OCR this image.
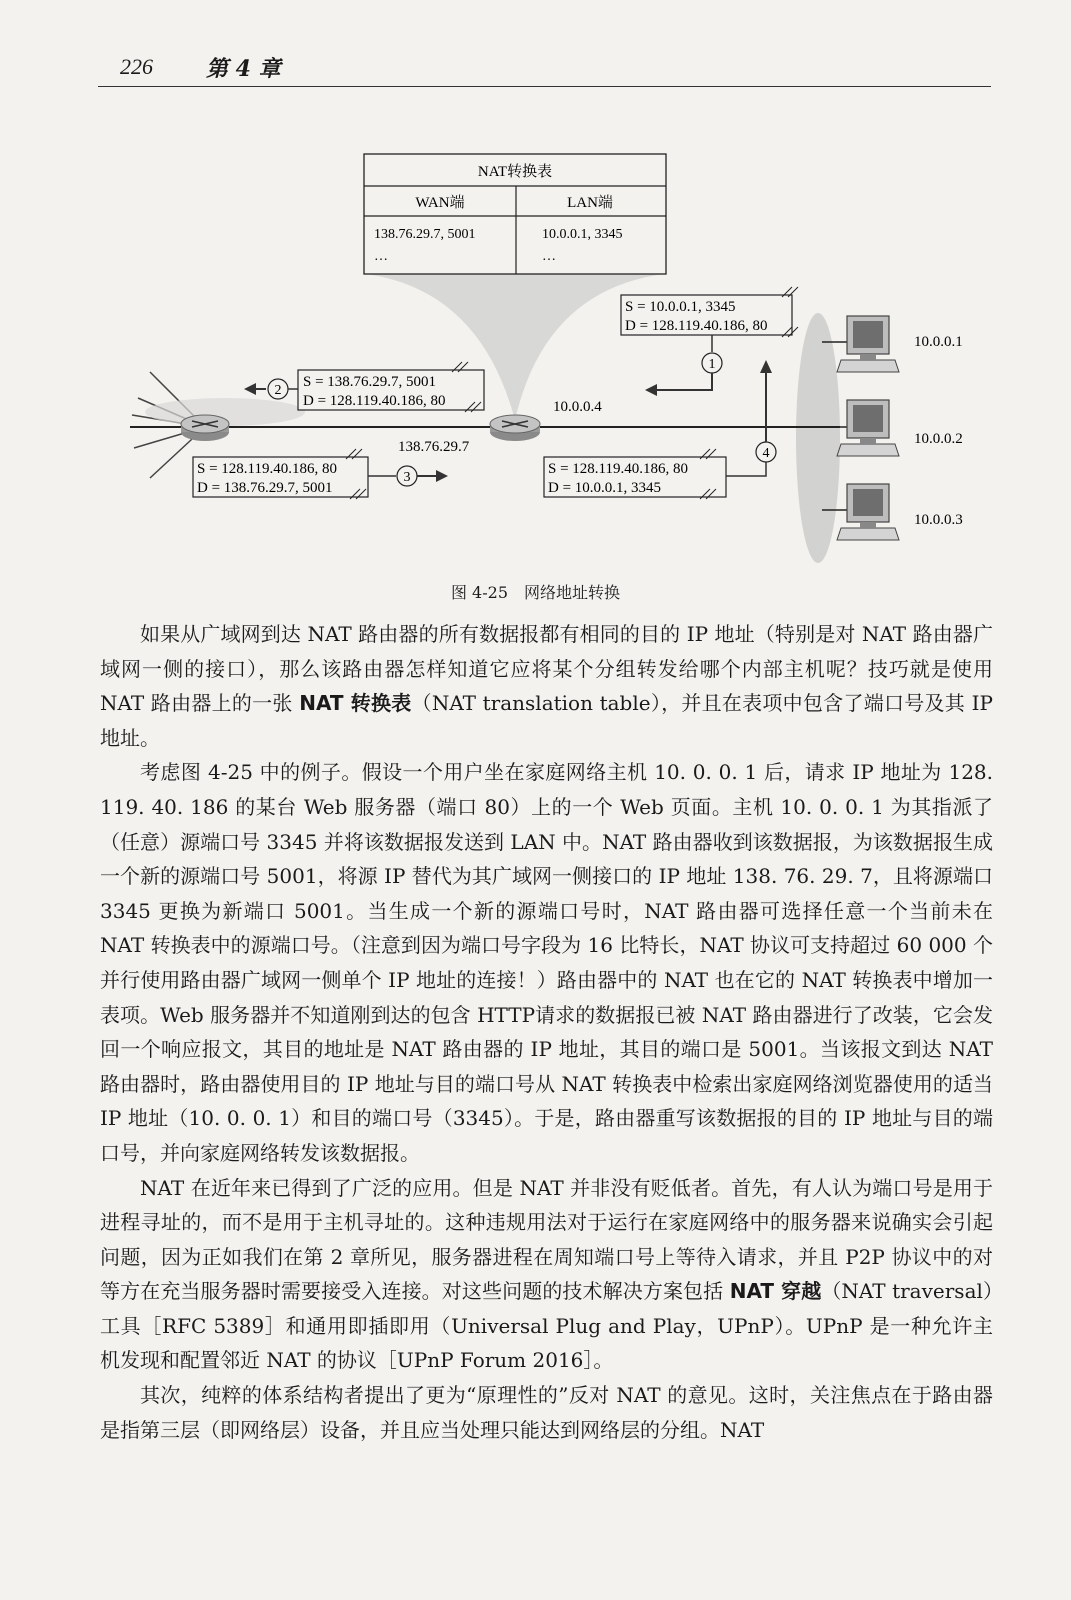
226 第 4 章
NAT转换表
WAN端	LAN端
138.76.29.7, 5001	10.0.0.1, 3345
…	…
10.0.0.4
138.76.29.7
S = 138.76.29.7, 5001
D = 128.119.40.186, 80
2
S = 128.119.40.186, 80
D = 138.76.29.7, 5001
3
S = 10.0.0.1, 3345
D = 128.119.40.186, 80
1
S = 128.119.40.186, 80
D = 10.0.0.1, 3345
4
10.0.0.1
10.0.0.2
10.0.0.3
图 4-25　网络地址转换

如果从广域网到达 NAT 路由器的所有数据报都有相同的目的 IP 地址（特别是对 NAT 路由器广域网一侧的接口），那么该路由器怎样知道它应将某个分组转发给哪个内部主机呢？技巧就是使用 NAT 路由器上的一张 NAT 转换表（NAT translation table），并且在表项中包含了端口号及其 IP 地址。

考虑图 4-25 中的例子。假设一个用户坐在家庭网络主机 10. 0. 0. 1 后，请求 IP 地址为 128. 119. 40. 186 的某台 Web 服务器（端口 80）上的一个 Web 页面。主机 10. 0. 0. 1 为其指派了（任意）源端口号 3345 并将该数据报发送到 LAN 中。NAT 路由器收到该数据报，为该数据报生成一个新的源端口号 5001，将源 IP 替代为其广域网一侧接口的 IP 地址 138. 76. 29. 7，且将源端口 3345 更换为新端口 5001。当生成一个新的源端口号时，NAT 路由器可选择任意一个当前未在 NAT 转换表中的源端口号。（注意到因为端口号字段为 16 比特长，NAT 协议可支持超过 60 000 个并行使用路由器广域网一侧单个 IP 地址的连接！）路由器中的 NAT 也在它的 NAT 转换表中增加一表项。Web 服务器并不知道刚到达的包含 HTTP请求的数据报已被 NAT 路由器进行了改装，它会发回一个响应报文，其目的地址是 NAT 路由器的 IP 地址，其目的端口是 5001。当该报文到达 NAT 路由器时，路由器使用目的 IP 地址与目的端口号从 NAT 转换表中检索出家庭网络浏览器使用的适当 IP 地址（10. 0. 0. 1）和目的端口号（3345）。于是，路由器重写该数据报的目的 IP 地址与目的端口号，并向家庭网络转发该数据报。

NAT 在近年来已得到了广泛的应用。但是 NAT 并非没有贬低者。首先，有人认为端口号是用于进程寻址的，而不是用于主机寻址的。这种违规用法对于运行在家庭网络中的服务器来说确实会引起问题，因为正如我们在第 2 章所见，服务器进程在周知端口号上等待入请求，并且 P2P 协议中的对等方在充当服务器时需要接受入连接。对这些问题的技术解决方案包括 NAT 穿越（NAT traversal）工具［RFC 5389］和通用即插即用（Universal Plug and Play，UPnP）。UPnP 是一种允许主机发现和配置邻近 NAT 的协议［UPnP Forum 2016］。

其次，纯粹的体系结构者提出了更为“原理性的”反对 NAT 的意见。这时，关注焦点在于路由器是指第三层（即网络层）设备，并且应当处理只能达到网络层的分组。NAT
